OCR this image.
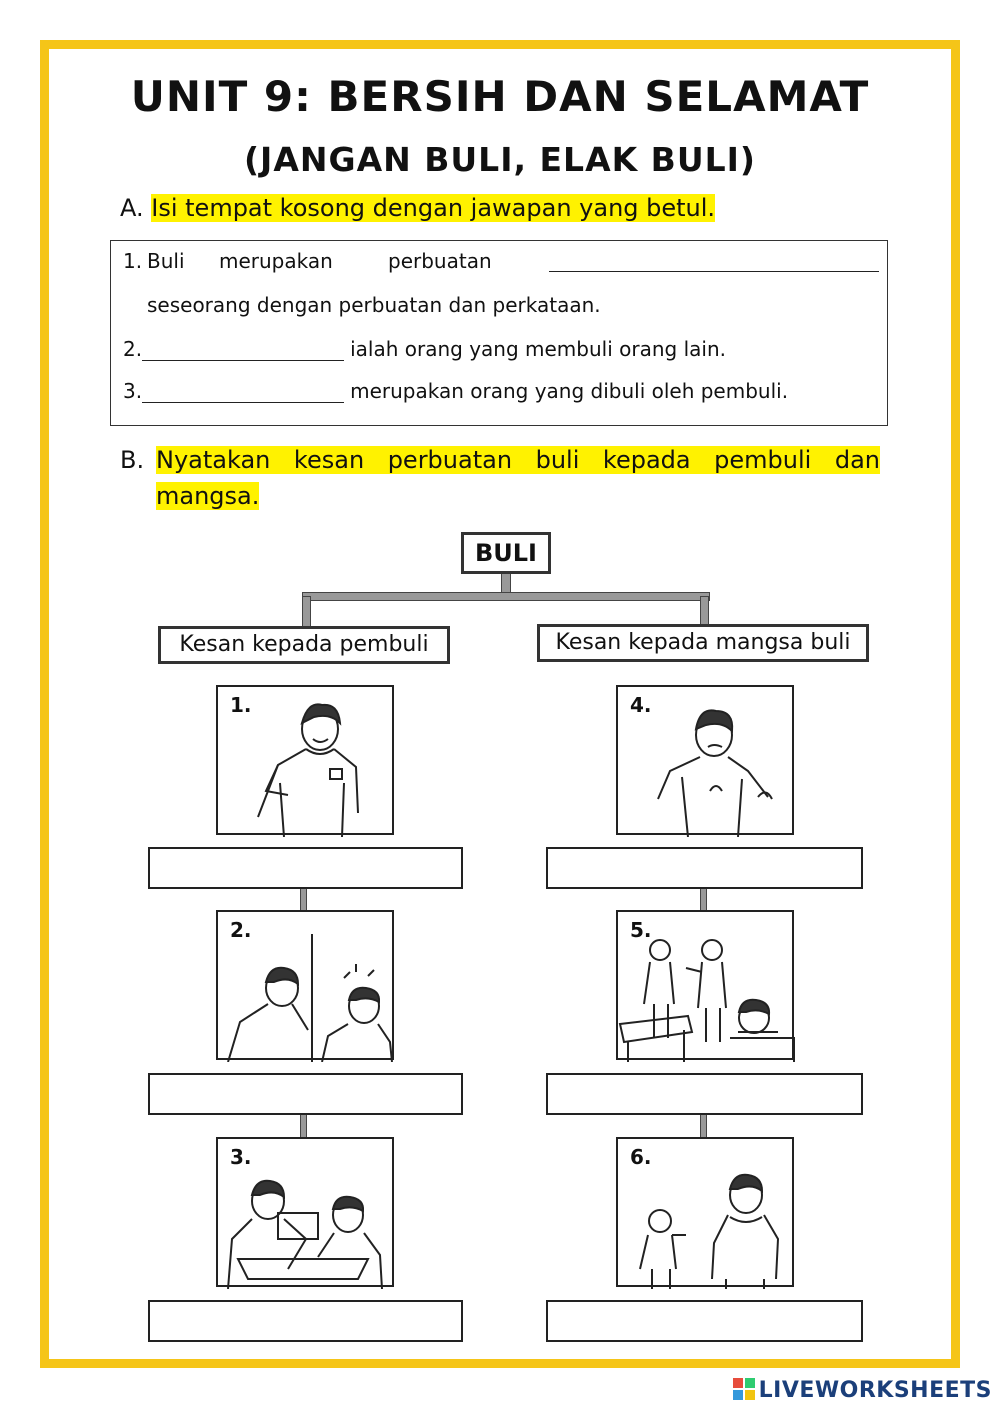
UNIT 9: BERSIH DAN SELAMAT
(JANGAN BULI, ELAK BULI)
A. Isi tempat kosong dengan jawapan yang betul.
1. Buli merupakan	perbuatan
seseorang dengan perbuatan dan perkataan.
2.	ialah orang yang membuli orang lain.
3.	merupakan orang yang dibuli oleh pembuli.
B. Nyatakan kesan perbuatan buli kepada pembuli dan mangsa.
BULI
Kesan kepada pembuli	Kesan kepada mangsa buli
1.
2.
3.
4.
5.
6.
LIVEWORKSHEETS
